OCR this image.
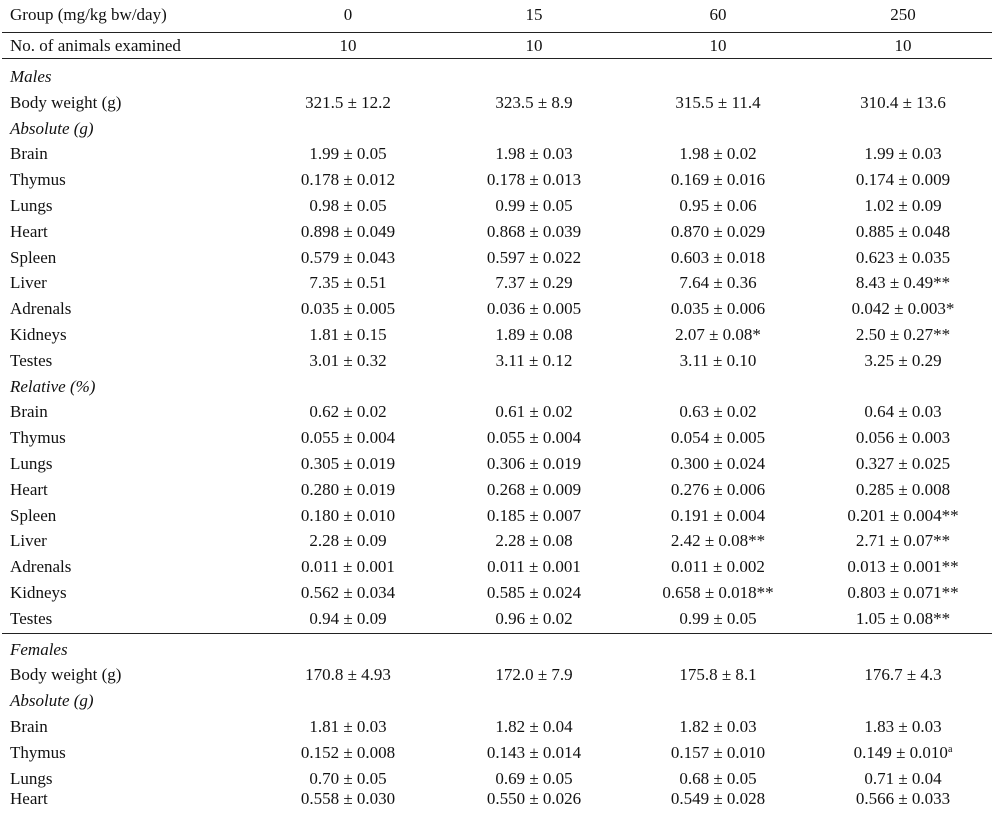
Group (mg/kg bw/day)	0	15	60	250
No. of animals examined	10	10	10	10
Males
Body weight (g)	321.5 ± 12.2	323.5 ± 8.9	315.5 ± 11.4	310.4 ± 13.6
Absolute (g)
Brain	1.99 ± 0.05	1.98 ± 0.03	1.98 ± 0.02	1.99 ± 0.03
Thymus	0.178 ± 0.012	0.178 ± 0.013	0.169 ± 0.016	0.174 ± 0.009
Lungs	0.98 ± 0.05	0.99 ± 0.05	0.95 ± 0.06	1.02 ± 0.09
Heart	0.898 ± 0.049	0.868 ± 0.039	0.870 ± 0.029	0.885 ± 0.048
Spleen	0.579 ± 0.043	0.597 ± 0.022	0.603 ± 0.018	0.623 ± 0.035
Liver	7.35 ± 0.51	7.37 ± 0.29	7.64 ± 0.36	8.43 ± 0.49**
Adrenals	0.035 ± 0.005	0.036 ± 0.005	0.035 ± 0.006	0.042 ± 0.003*
Kidneys	1.81 ± 0.15	1.89 ± 0.08	2.07 ± 0.08*	2.50 ± 0.27**
Testes	3.01 ± 0.32	3.11 ± 0.12	3.11 ± 0.10	3.25 ± 0.29
Relative (%)
Brain	0.62 ± 0.02	0.61 ± 0.02	0.63 ± 0.02	0.64 ± 0.03
Thymus	0.055 ± 0.004	0.055 ± 0.004	0.054 ± 0.005	0.056 ± 0.003
Lungs	0.305 ± 0.019	0.306 ± 0.019	0.300 ± 0.024	0.327 ± 0.025
Heart	0.280 ± 0.019	0.268 ± 0.009	0.276 ± 0.006	0.285 ± 0.008
Spleen	0.180 ± 0.010	0.185 ± 0.007	0.191 ± 0.004	0.201 ± 0.004**
Liver	2.28 ± 0.09	2.28 ± 0.08	2.42 ± 0.08**	2.71 ± 0.07**
Adrenals	0.011 ± 0.001	0.011 ± 0.001	0.011 ± 0.002	0.013 ± 0.001**
Kidneys	0.562 ± 0.034	0.585 ± 0.024	0.658 ± 0.018**	0.803 ± 0.071**
Testes	0.94 ± 0.09	0.96 ± 0.02	0.99 ± 0.05	1.05 ± 0.08**
Females
Body weight (g)	170.8 ± 4.93	172.0 ± 7.9	175.8 ± 8.1	176.7 ± 4.3
Absolute (g)
Brain	1.81 ± 0.03	1.82 ± 0.04	1.82 ± 0.03	1.83 ± 0.03
Thymus	0.152 ± 0.008	0.143 ± 0.014	0.157 ± 0.010	0.149 ± 0.010$^a$
Lungs	0.70 ± 0.05	0.69 ± 0.05	0.68 ± 0.05	0.71 ± 0.04
Heart	0.558 ± 0.030	0.550 ± 0.026	0.549 ± 0.028	0.566 ± 0.033
